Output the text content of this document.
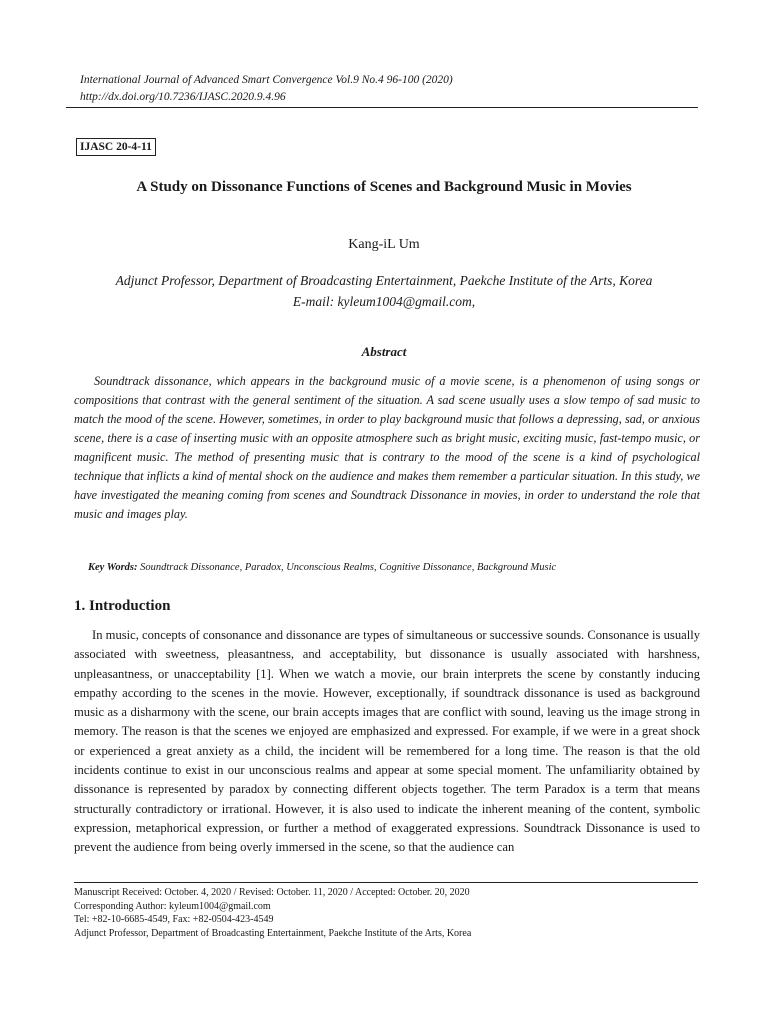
International Journal of Advanced Smart Convergence Vol.9 No.4 96-100 (2020)
http://dx.doi.org/10.7236/IJASC.2020.9.4.96
IJASC 20-4-11
A Study on Dissonance Functions of Scenes and Background Music in Movies
Kang-iL Um
Adjunct Professor, Department of Broadcasting Entertainment, Paekche Institute of the Arts, Korea
E-mail: kyleum1004@gmail.com,
Abstract

Soundtrack dissonance, which appears in the background music of a movie scene, is a phenomenon of using songs or compositions that contrast with the general sentiment of the situation. A sad scene usually uses a slow tempo of sad music to match the mood of the scene. However, sometimes, in order to play background music that follows a depressing, sad, or anxious scene, there is a case of inserting music with an opposite atmosphere such as bright music, exciting music, fast-tempo music, or magnificent music. The method of presenting music that is contrary to the mood of the scene is a kind of psychological technique that inflicts a kind of mental shock on the audience and makes them remember a particular situation. In this study, we have investigated the meaning coming from scenes and Soundtrack Dissonance in movies, in order to understand the role that music and images play.

Key Words: Soundtrack Dissonance, Paradox, Unconscious Realms, Cognitive Dissonance, Background Music
1. Introduction

In music, concepts of consonance and dissonance are types of simultaneous or successive sounds. Consonance is usually associated with sweetness, pleasantness, and acceptability, but dissonance is usually associated with harshness, unpleasantness, or unacceptability [1]. When we watch a movie, our brain interprets the scene by constantly inducing empathy according to the scenes in the movie. However, exceptionally, if soundtrack dissonance is used as background music as a disharmony with the scene, our brain accepts images that are conflict with sound, leaving us the image strong in memory. The reason is that the scenes we enjoyed are emphasized and expressed. For example, if we were in a great shock or experienced a great anxiety as a child, the incident will be remembered for a long time. The reason is that the old incidents continue to exist in our unconscious realms and appear at some special moment. The unfamiliarity obtained by dissonance is represented by paradox by connecting different objects together. The term Paradox is a term that means structurally contradictory or irrational. However, it is also used to indicate the inherent meaning of the content, symbolic expression, metaphorical expression, or further a method of exaggerated expressions. Soundtrack Dissonance is used to prevent the audience from being overly immersed in the scene, so that the audience can

Manuscript Received: October. 4, 2020 / Revised: October. 11, 2020 / Accepted: October. 20, 2020
Corresponding Author: kyleum1004@gmail.com
Tel: +82-10-6685-4549, Fax: +82-0504-423-4549
Adjunct Professor, Department of Broadcasting Entertainment, Paekche Institute of the Arts, Korea
